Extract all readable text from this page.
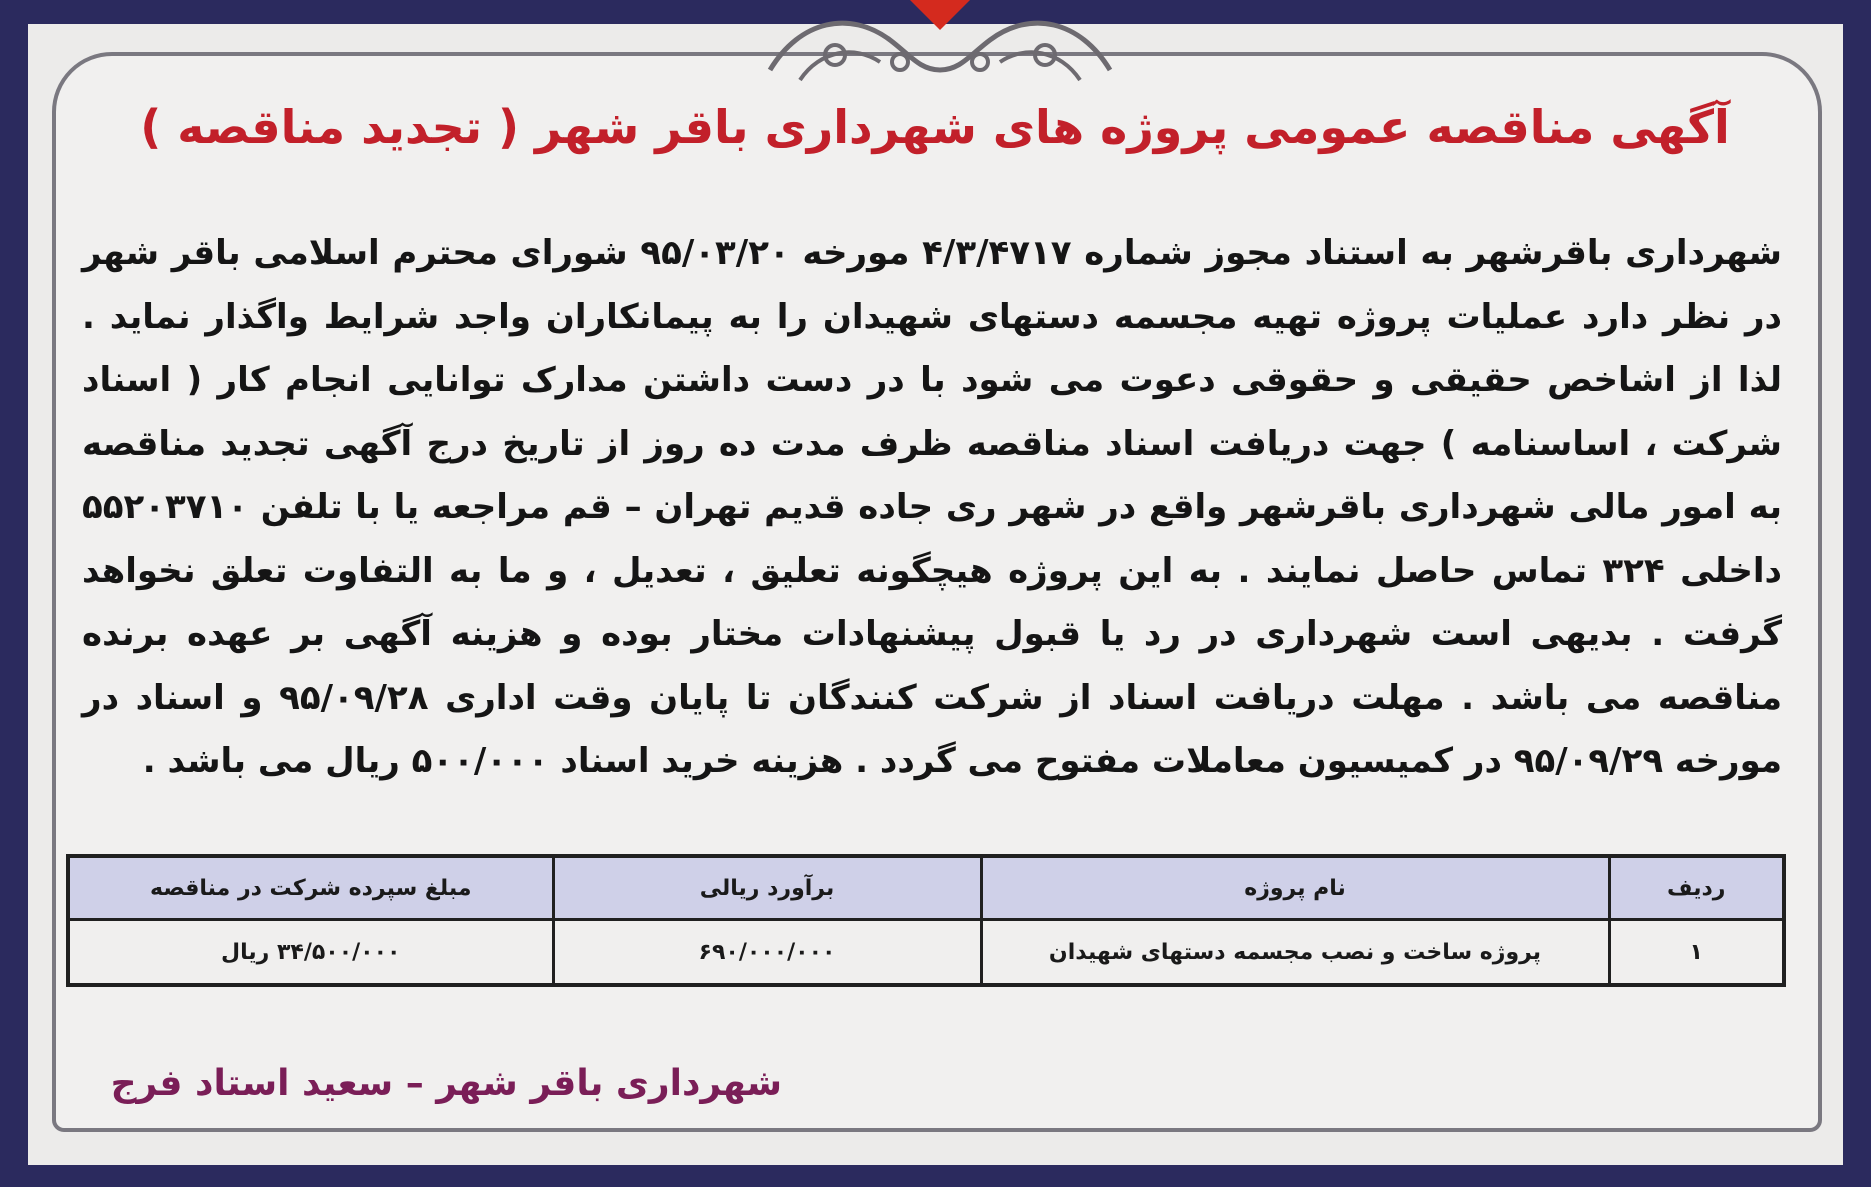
آگهی مناقصه عمومی پروژه های شهرداری باقر شهر ( تجدید مناقصه )

شهرداری باقرشهر به استناد مجوز شماره ۴/۳/۴۷۱۷ مورخه ۹۵/۰۳/۲۰ شورای محترم اسلامی باقر شهر در نظر دارد عملیات پروژه تهیه مجسمه دستهای شهیدان را به پیمانکاران واجد شرایط واگذار نماید . لذا از اشاخص حقیقی و حقوقی دعوت می شود با در دست داشتن مدارک توانایی انجام کار ( اسناد شرکت ، اساسنامه ) جهت دریافت اسناد مناقصه ظرف مدت ده روز از تاریخ درج آگهی تجدید مناقصه به امور مالی شهرداری باقرشهر واقع در شهر ری جاده قدیم تهران – قم مراجعه یا با تلفن ۵۵۲۰۳۷۱۰ داخلی ۳۲۴ تماس حاصل نمایند . به این پروژه هیچگونه تعلیق ، تعدیل ، و ما به التفاوت تعلق نخواهد گرفت . بدیهی است شهرداری در رد یا قبول پیشنهادات مختار بوده و هزینه آگهی بر عهده برنده مناقصه می باشد . مهلت دریافت اسناد از شرکت کنندگان تا پایان وقت اداری ۹۵/۰۹/۲۸ و اسناد در مورخه ۹۵/۰۹/۲۹ در کمیسیون معاملات مفتوح می گردد . هزینه خرید اسناد ۵۰۰/۰۰۰ ریال می باشد .

ردیف	نام پروژه	برآورد ریالی	مبلغ سپرده شرکت در مناقصه
۱	پروژه ساخت و نصب مجسمه دستهای شهیدان	۶۹۰/۰۰۰/۰۰۰	۳۴/۵۰۰/۰۰۰ ریال

شهرداری باقر شهر – سعید استاد فرج
